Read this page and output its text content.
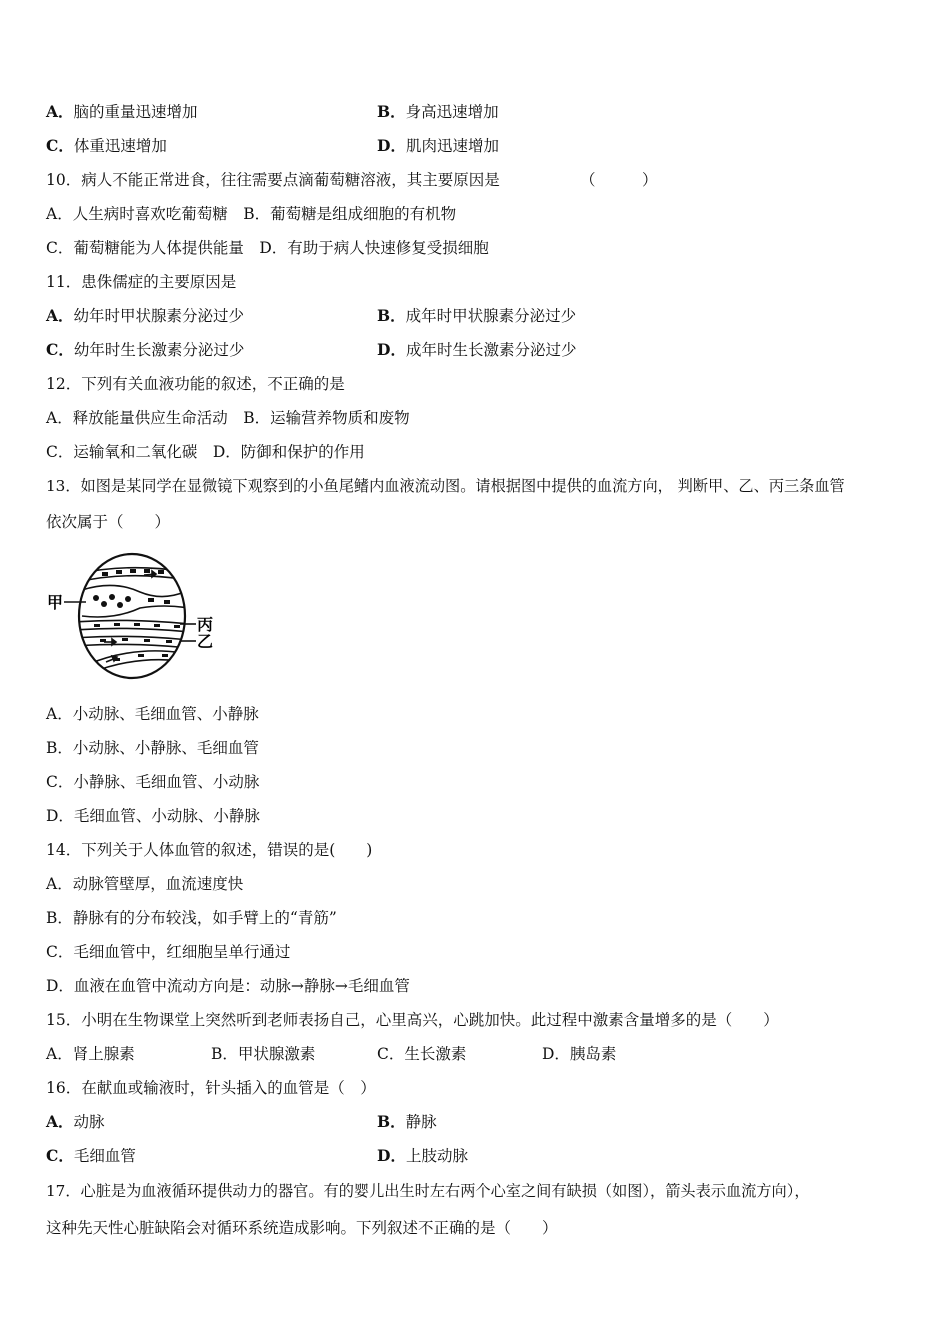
A．脑的重量迅速增加	B．身高迅速增加
C．体重迅速增加	D．肌肉迅速增加
10．病人不能正常进食，往往需要点滴葡萄糖溶液，其主要原因是	（　　　）
A．人生病时喜欢吃葡萄糖　B．葡萄糖是组成细胞的有机物
C．葡萄糖能为人体提供能量　D．有助于病人快速修复受损细胞
11．患侏儒症的主要原因是
A．幼年时甲状腺素分泌过少	B．成年时甲状腺素分泌过少
C．幼年时生长激素分泌过少	D．成年时生长激素分泌过少
12．下列有关血液功能的叙述，不正确的是
A．释放能量供应生命活动　B．运输营养物质和废物
C．运输氧和二氧化碳　D．防御和保护的作用
13．如图是某同学在显微镜下观察到的小鱼尾鳍内血液流动图。请根据图中提供的血流方向， 判断甲、乙、丙三条血管
依次属于（　　）
甲
丙
乙
A．小动脉、毛细血管、小静脉
B．小动脉、小静脉、毛细血管
C．小静脉、毛细血管、小动脉
D．毛细血管、小动脉、小静脉
14．下列关于人体血管的叙述，错误的是(　　)
A．动脉管壁厚，血流速度快
B．静脉有的分布较浅，如手臂上的“青筋”
C．毛细血管中，红细胞呈单行通过
D．血液在血管中流动方向是：动脉→静脉→毛细血管
15．小明在生物课堂上突然听到老师表扬自己，心里高兴，心跳加快。此过程中激素含量增多的是（　　）
A．肾上腺素	B．甲状腺激素	C．生长激素	D．胰岛素
16．在献血或输液时，针头插入的血管是（　）
A．动脉	B．静脉
C．毛细血管	D．上肢动脉
17．心脏是为血液循环提供动力的器官。有的婴儿出生时左右两个心室之间有缺损（如图），箭头表示血流方向），
这种先天性心脏缺陷会对循环系统造成影响。下列叙述不正确的是（　　）
